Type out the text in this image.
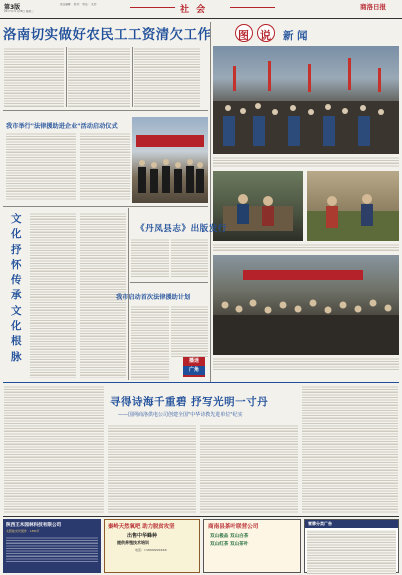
第3版
2017年11月28日 星期二
责任编辑： 校对： 电话： 文化：
社 会	商洛日报
洛南切实做好农民工工资清欠工作 图 说 新 闻
我市举行"法律援助进企业"活动启动仪式
文化抒怀传承文化根脉
《丹凤县志》出版发行
我市启动首次法律援助计划
播迷
广角
寻得诗海千重碧 抒写光明一寸丹
——国网商洛供电公司创建全国"中华诗教先进单位"纪实
陕西王木园林科技有限公司
太阳能光伏组件 · LED灯
秦岭天然氧吧 助力脱贫攻坚
出售中华蜂种
提供养殖技术培训
电话：138XXXXXXXX
商南县茶叶联营公司
双山极品 双山白茶
双山红茶 双山茶叶
雪牌分类广告
